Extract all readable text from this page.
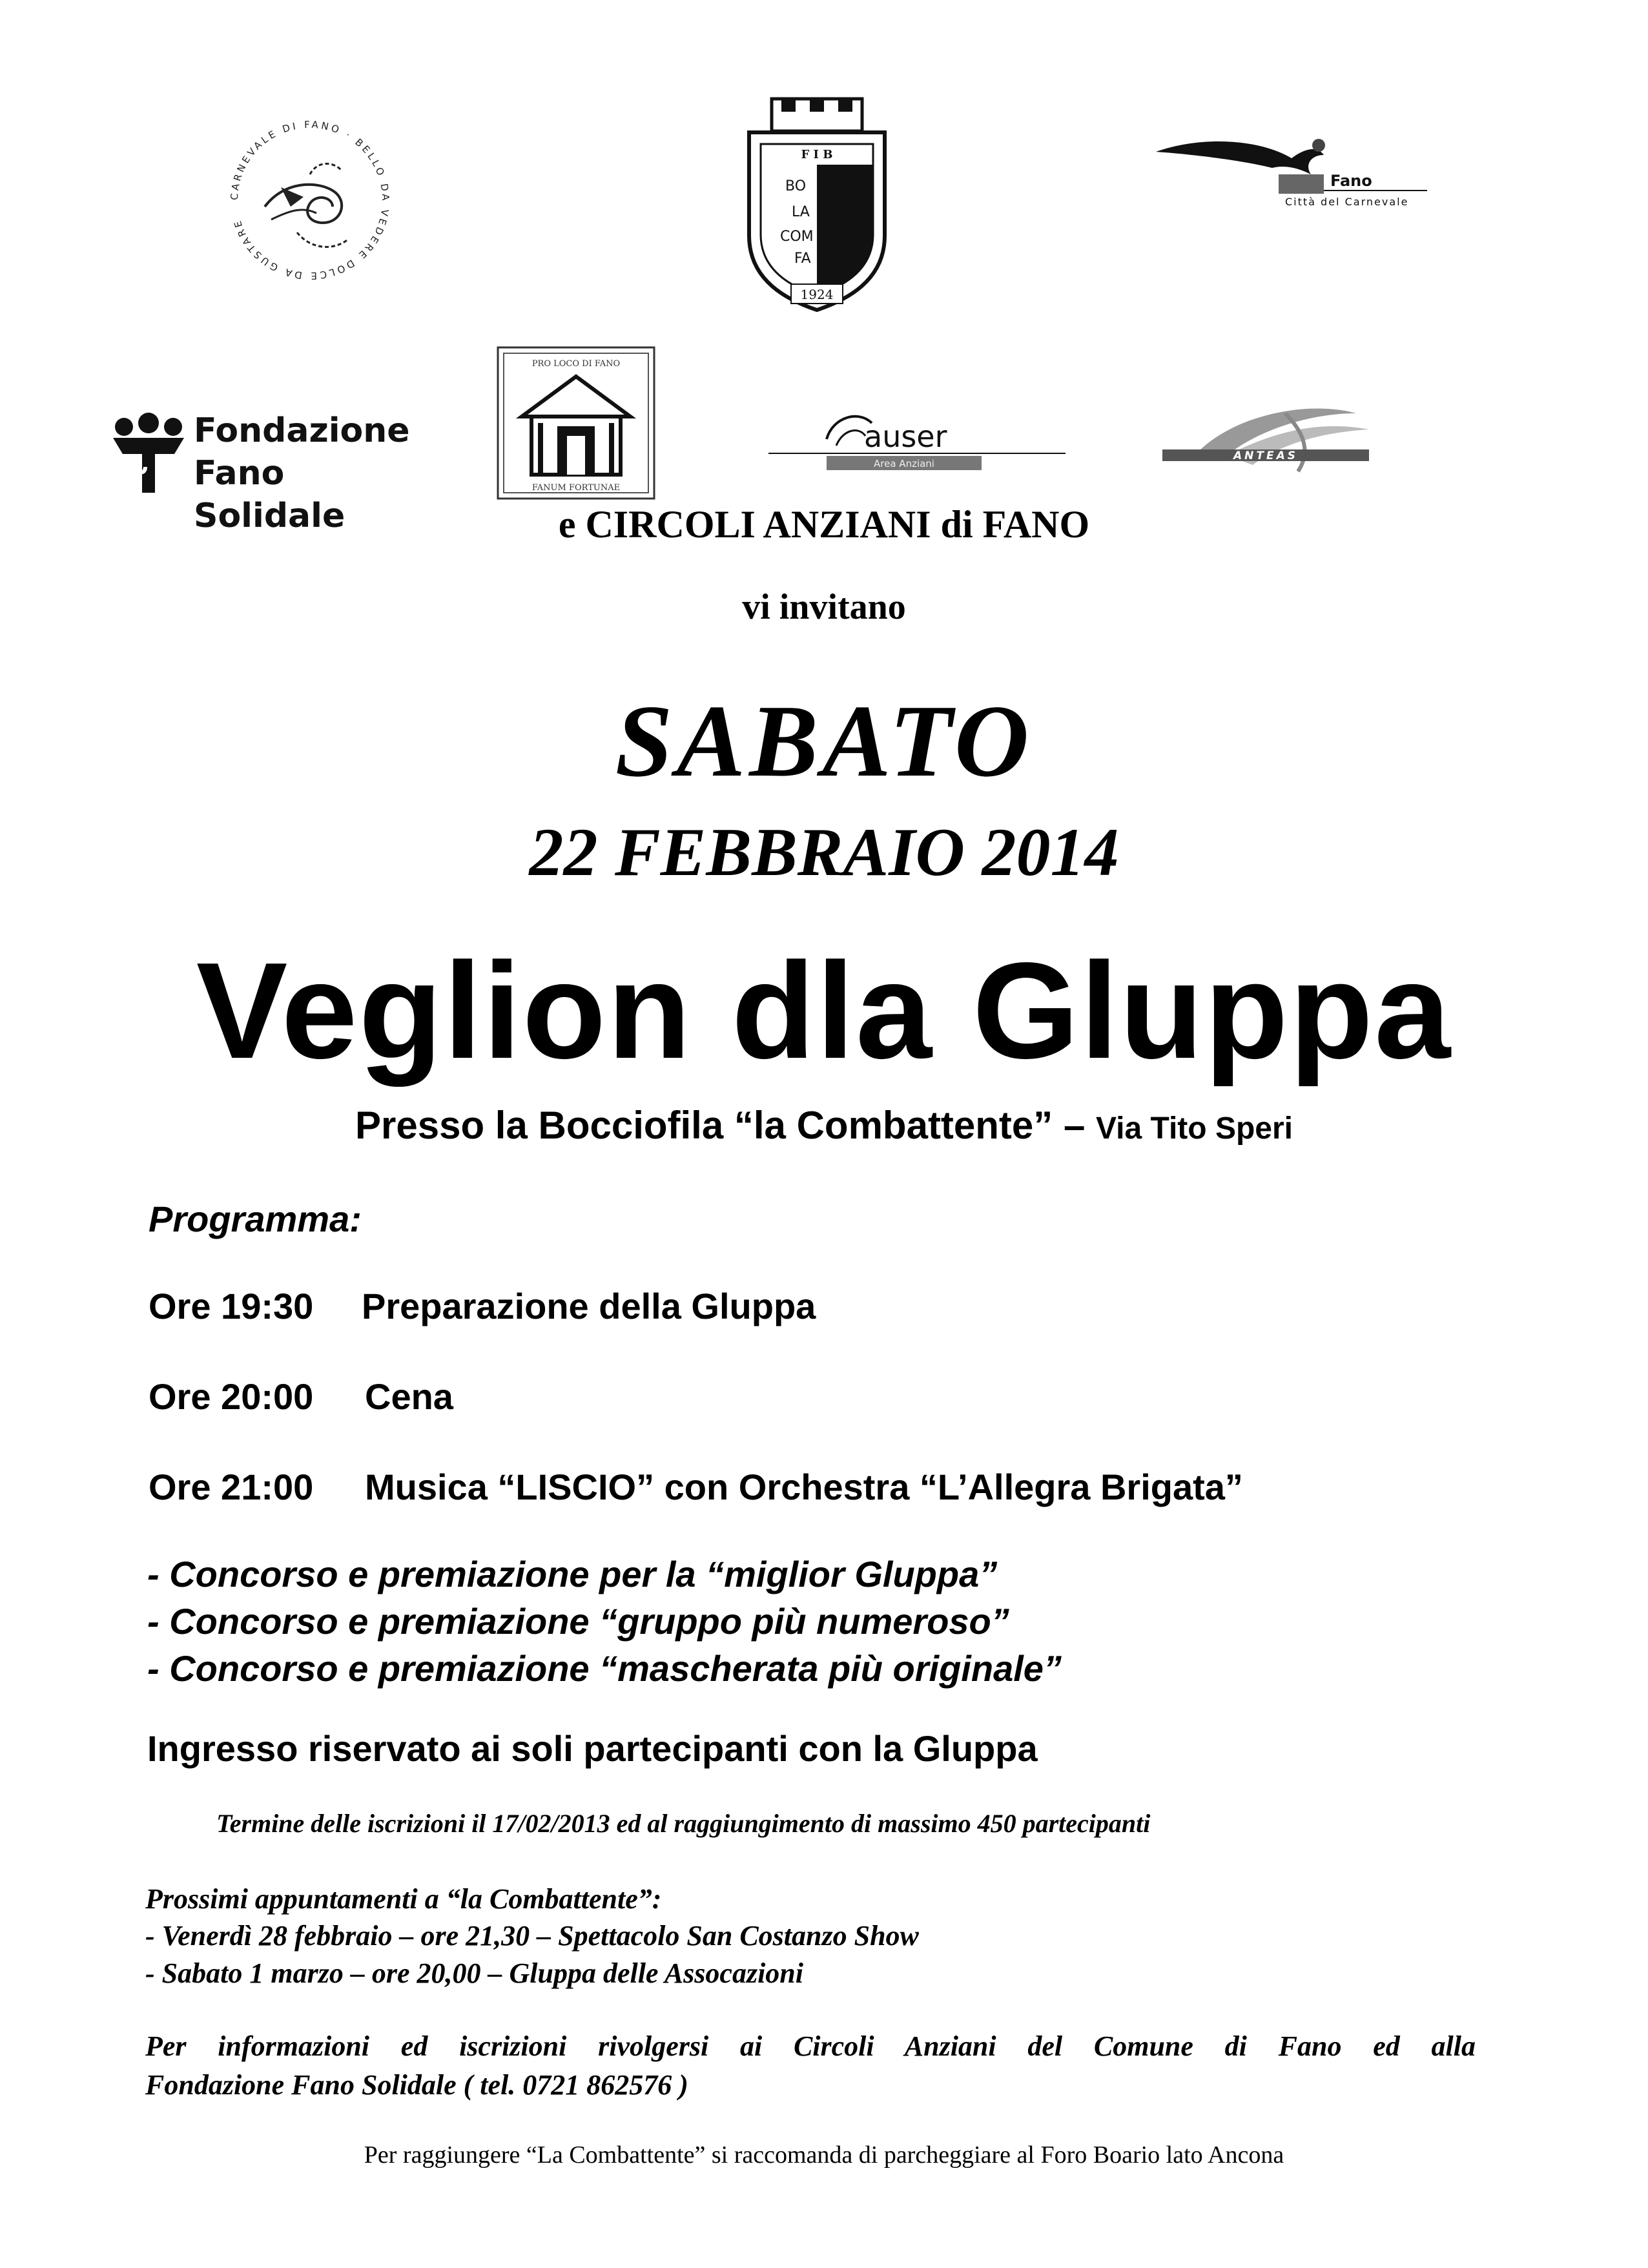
CARNEVALE DI FANO · BELLO DA VEDERE DOLCE DA GUSTARE
F I B
BO
LA
COM
FA
1924
Fano
Città del Carnevale
Fondazione
Fano Solidale
PRO LOCO DI FANO
FANUM FORTUNAE
auser
Area Anziani
ANTEAS
e CIRCOLI ANZIANI di FANO
vi invitano
SABATO
22 FEBBRAIO 2014
Veglion dla Gluppa
Presso la Bocciofila “la Combattente” – Via Tito Speri
Programma:
Ore 19:30 Preparazione della Gluppa
Ore 20:00 Cena
Ore 21:00 Musica “LISCIO” con Orchestra “L’Allegra Brigata”
- Concorso e premiazione per la “miglior Gluppa”
- Concorso e premiazione “gruppo più numeroso”
- Concorso e premiazione “mascherata più originale”
Ingresso riservato ai soli partecipanti con la Gluppa
Termine delle iscrizioni il 17/02/2013 ed al raggiungimento di massimo 450 partecipanti
Prossimi appuntamenti a “la Combattente”:
- Venerdì 28 febbraio – ore 21,30 – Spettacolo San Costanzo Show
- Sabato 1 marzo – ore 20,00 – Gluppa delle Assocazioni
Per informazioni ed iscrizioni rivolgersi ai Circoli Anziani del Comune di Fano ed alla
Fondazione Fano Solidale ( tel. 0721 862576 )
Per raggiungere “La Combattente” si raccomanda di parcheggiare al Foro Boario lato Ancona
